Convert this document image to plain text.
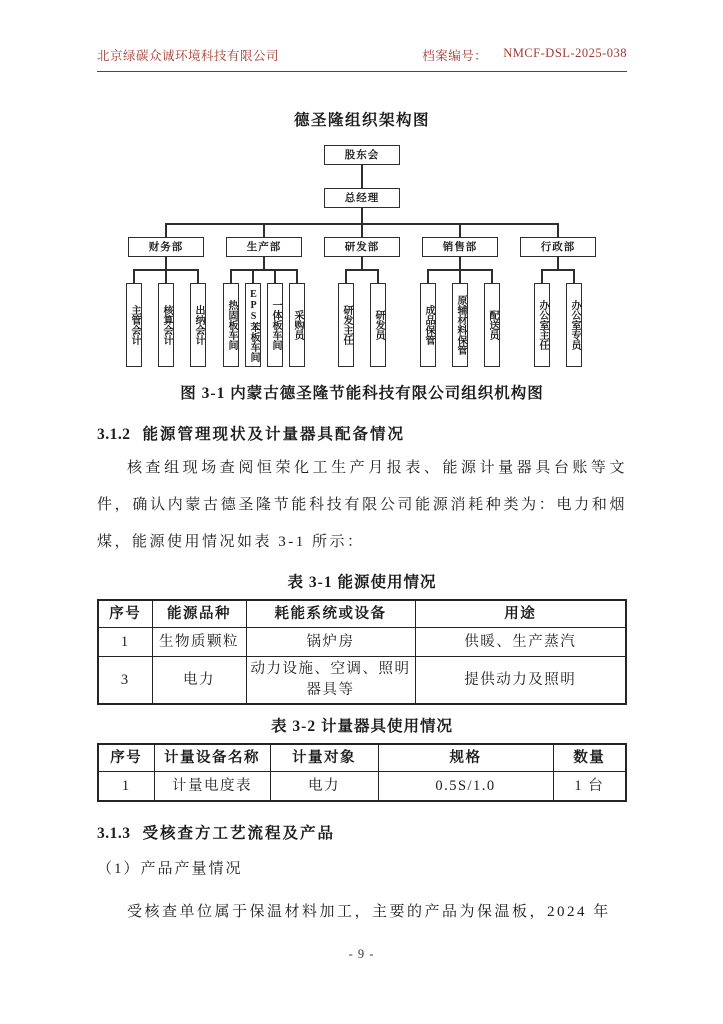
北京绿碳众诚环境科技有限公司	档案编号： NMCF-DSL-2025-038
德圣隆组织架构图
股东会
总经理
财务部
主管会计	核算会计	出纳会计
生产部
热固板车间	EPS苯板车间	一体板车间	采购员
研发部
研发主任	研发员
销售部
成品保管	原辅材料保管	配送员
行政部
办公室主任	办公室专员
图 3-1 内蒙古德圣隆节能科技有限公司组织机构图
3.1.2 能源管理现状及计量器具配备情况
核查组现场查阅恒荣化工生产月报表、能源计量器具台账等文件，确认内蒙古德圣隆节能科技有限公司能源消耗种类为：电力和烟煤，能源使用情况如表 3-1 所示：
表 3-1 能源使用情况
序号	能源品种	耗能系统或设备	用途
1	生物质颗粒	锅炉房	供暖、生产蒸汽
3	电力	动力设施、空调、照明器具等	提供动力及照明
表 3-2 计量器具使用情况
序号	计量设备名称	计量对象	规格	数量
1	计量电度表	电力	0.5S/1.0	1 台
3.1.3 受核查方工艺流程及产品
（1）产品产量情况
受核查单位属于保温材料加工，主要的产品为保温板，2024 年
- 9 -
